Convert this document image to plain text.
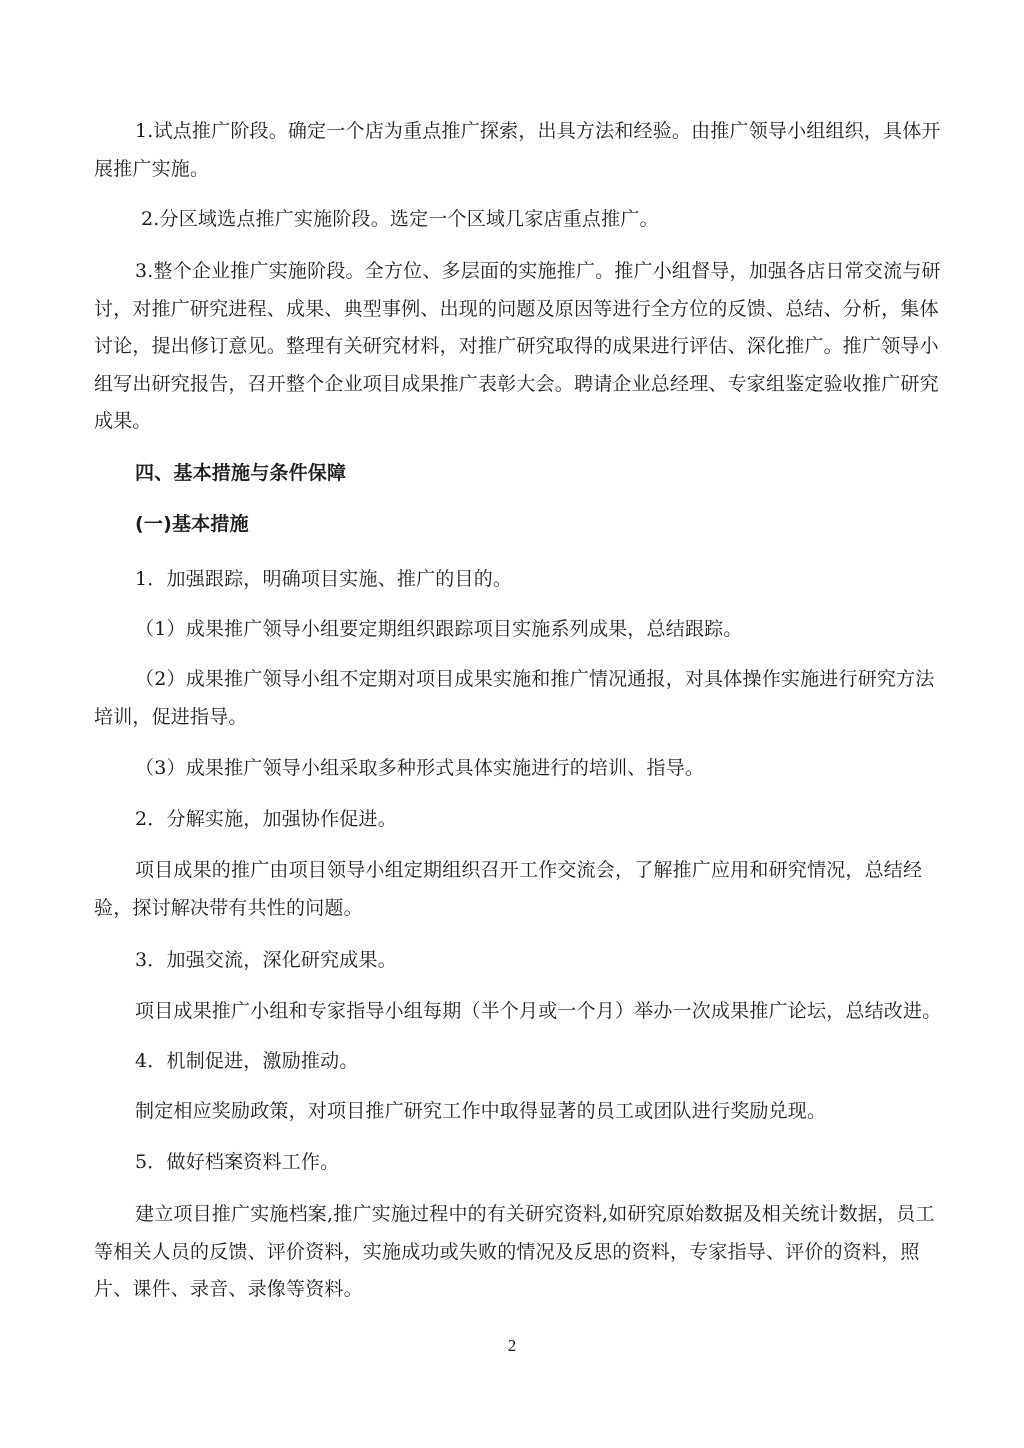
1.试点推广阶段。确定一个店为重点推广探索，出具方法和经验。由推广领导小组组织，具体开展推广实施。

2.分区域选点推广实施阶段。选定一个区域几家店重点推广。

3.整个企业推广实施阶段。全方位、多层面的实施推广。推广小组督导，加强各店日常交流与研讨，对推广研究进程、成果、典型事例、出现的问题及原因等进行全方位的反馈、总结、分析，集体讨论，提出修订意见。整理有关研究材料，对推广研究取得的成果进行评估、深化推广。推广领导小组写出研究报告，召开整个企业项目成果推广表彰大会。聘请企业总经理、专家组鉴定验收推广研究成果。

四、基本措施与条件保障

(一)基本措施

1．加强跟踪，明确项目实施、推广的目的。

（1）成果推广领导小组要定期组织跟踪项目实施系列成果，总结跟踪。

（2）成果推广领导小组不定期对项目成果实施和推广情况通报，对具体操作实施进行研究方法培训，促进指导。

（3）成果推广领导小组采取多种形式具体实施进行的培训、指导。

2．分解实施，加强协作促进。

项目成果的推广由项目领导小组定期组织召开工作交流会，了解推广应用和研究情况，总结经验，探讨解决带有共性的问题。

3．加强交流，深化研究成果。

项目成果推广小组和专家指导小组每期（半个月或一个月）举办一次成果推广论坛，总结改进。

4．机制促进，激励推动。

制定相应奖励政策，对项目推广研究工作中取得显著的员工或团队进行奖励兑现。

5．做好档案资料工作。

建立项目推广实施档案,推广实施过程中的有关研究资料,如研究原始数据及相关统计数据，员工等相关人员的反馈、评价资料，实施成功或失败的情况及反思的资料，专家指导、评价的资料，照片、课件、录音、录像等资料。

2
